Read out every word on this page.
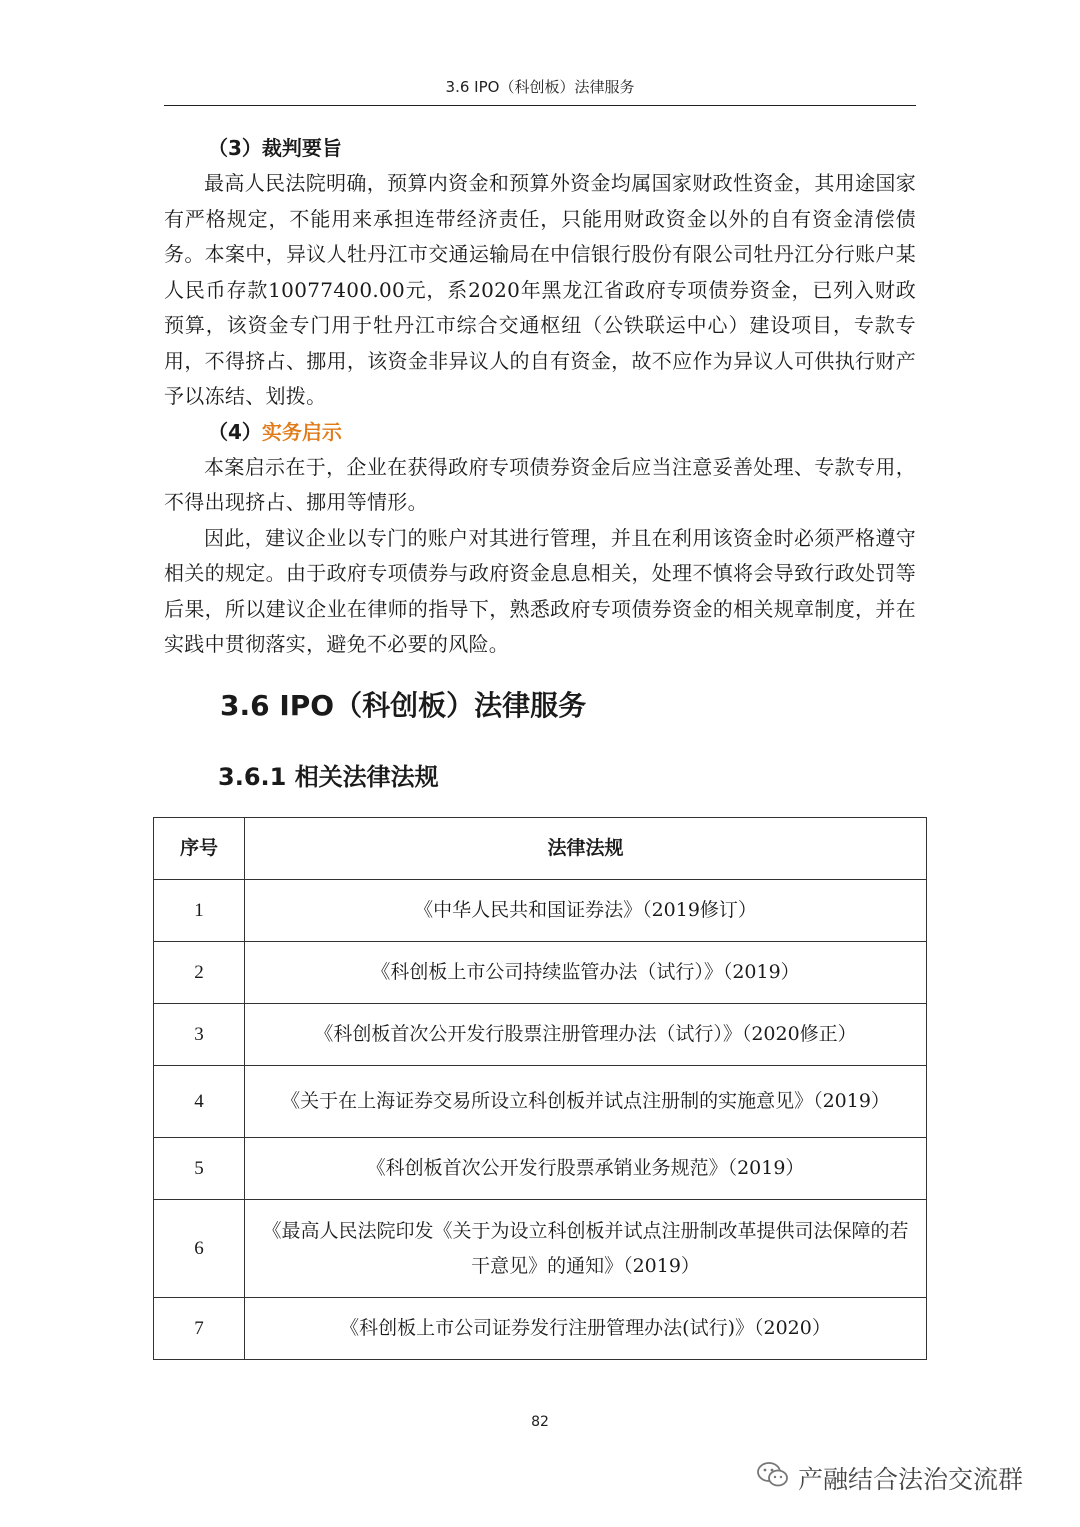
3.6 IPO（科创板）法律服务

（3）裁判要旨

最高人民法院明确，预算内资金和预算外资金均属国家财政性资金，其用途国家有严格规定，不能用来承担连带经济责任，只能用财政资金以外的自有资金清偿债务。本案中，异议人牡丹江市交通运输局在中信银行股份有限公司牡丹江分行账户某人民币存款10077400.00元，系2020年黑龙江省政府专项债券资金，已列入财政预算，该资金专门用于牡丹江市综合交通枢纽（公铁联运中心）建设项目，专款专用，不得挤占、挪用，该资金非异议人的自有资金，故不应作为异议人可供执行财产予以冻结、划拨。

（4）实务启示

本案启示在于，企业在获得政府专项债券资金后应当注意妥善处理、专款专用，不得出现挤占、挪用等情形。

因此，建议企业以专门的账户对其进行管理，并且在利用该资金时必须严格遵守相关的规定。由于政府专项债券与政府资金息息相关，处理不慎将会导致行政处罚等后果，所以建议企业在律师的指导下，熟悉政府专项债券资金的相关规章制度，并在实践中贯彻落实，避免不必要的风险。

3.6 IPO（科创板）法律服务
3.6.1 相关法律法规
序号	法律法规
1	《中华人民共和国证券法》（2019修订）
2	《科创板上市公司持续监管办法（试行）》（2019）
3	《科创板首次公开发行股票注册管理办法（试行）》（2020修正）
4	《关于在上海证券交易所设立科创板并试点注册制的实施意见》（2019）
5	《科创板首次公开发行股票承销业务规范》（2019）
6	《最高人民法院印发《关于为设立科创板并试点注册制改革提供司法保障的若干意见》的通知》（2019）
7	《科创板上市公司证券发行注册管理办法(试行)》（2020）
82
产融结合法治交流群
